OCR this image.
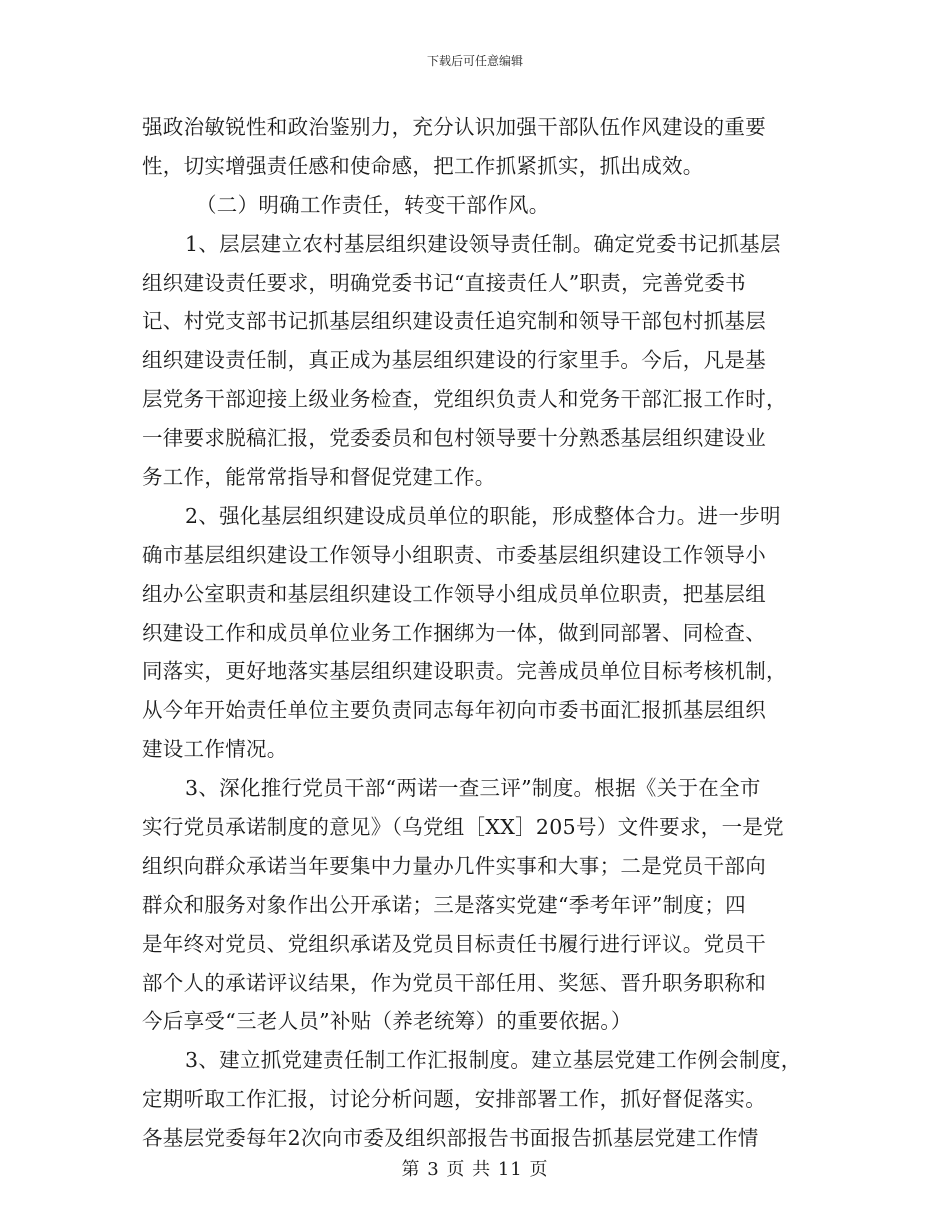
下载后可任意编辑
强政治敏锐性和政治鉴别力，充分认识加强干部队伍作风建设的重要
性，切实增强责任感和使命感，把工作抓紧抓实，抓出成效。
（二）明确工作责任，转变干部作风。
1、层层建立农村基层组织建设领导责任制。确定党委书记抓基层
组织建设责任要求，明确党委书记“直接责任人”职责，完善党委书
记、村党支部书记抓基层组织建设责任追究制和领导干部包村抓基层
组织建设责任制，真正成为基层组织建设的行家里手。今后，凡是基
层党务干部迎接上级业务检查，党组织负责人和党务干部汇报工作时，
一律要求脱稿汇报，党委委员和包村领导要十分熟悉基层组织建设业
务工作，能常常指导和督促党建工作。
2、强化基层组织建设成员单位的职能，形成整体合力。进一步明
确市基层组织建设工作领导小组职责、市委基层组织建设工作领导小
组办公室职责和基层组织建设工作领导小组成员单位职责，把基层组
织建设工作和成员单位业务工作捆绑为一体，做到同部署、同检查、
同落实，更好地落实基层组织建设职责。完善成员单位目标考核机制，
从今年开始责任单位主要负责同志每年初向市委书面汇报抓基层组织
建设工作情况。
3、深化推行党员干部“两诺一查三评”制度。根据《关于在全市
实行党员承诺制度的意见》（乌党组［XX］205号）文件要求，一是党
组织向群众承诺当年要集中力量办几件实事和大事；二是党员干部向
群众和服务对象作出公开承诺；三是落实党建“季考年评”制度；四
是年终对党员、党组织承诺及党员目标责任书履行进行评议。党员干
部个人的承诺评议结果，作为党员干部任用、奖惩、晋升职务职称和
今后享受“三老人员”补贴（养老统筹）的重要依据。）
3、建立抓党建责任制工作汇报制度。建立基层党建工作例会制度，
定期听取工作汇报，讨论分析问题，安排部署工作，抓好督促落实。
各基层党委每年2次向市委及组织部报告书面报告抓基层党建工作情
第 3 页 共 11 页
